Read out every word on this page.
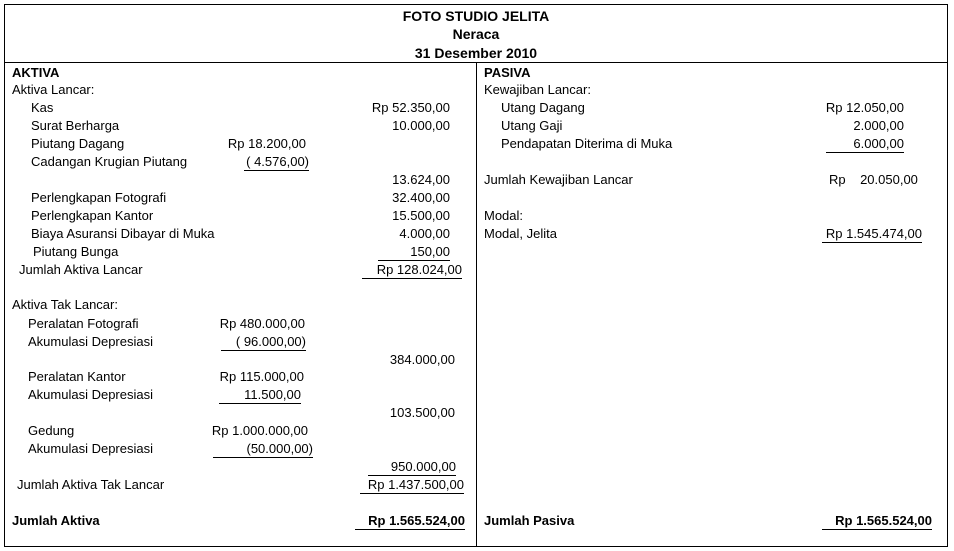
FOTO STUDIO JELITA
Neraca
31 Desember 2010
AKTIVA
Aktiva Lancar:
Kas	Rp 52.350,00
Surat Berharga	10.000,00
Piutang Dagang	Rp 18.200,00
Cadangan Krugian Piutang	( 4.576,00)
13.624,00
Perlengkapan Fotografi	32.400,00
Perlengkapan Kantor	15.500,00
Biaya Asuransi Dibayar di Muka	4.000,00
Piutang Bunga	150,00
Jumlah Aktiva Lancar	Rp 128.024,00
Aktiva Tak Lancar:
Peralatan Fotografi	Rp 480.000,00
Akumulasi Depresiasi	( 96.000,00)
384.000,00
Peralatan Kantor	Rp 115.000,00
Akumulasi Depresiasi	11.500,00
103.500,00
Gedung	Rp 1.000.000,00
Akumulasi Depresiasi	(50.000,00)
950.000,00
Jumlah Aktiva Tak Lancar	Rp 1.437.500,00
Jumlah Aktiva	Rp 1.565.524,00
PASIVA
Kewajiban Lancar:
Utang Dagang	Rp 12.050,00
Utang Gaji	2.000,00
Pendapatan Diterima di Muka	6.000,00
Jumlah Kewajiban Lancar	Rp    20.050,00
Modal:
Modal, Jelita	Rp 1.545.474,00
Jumlah Pasiva	Rp 1.565.524,00
